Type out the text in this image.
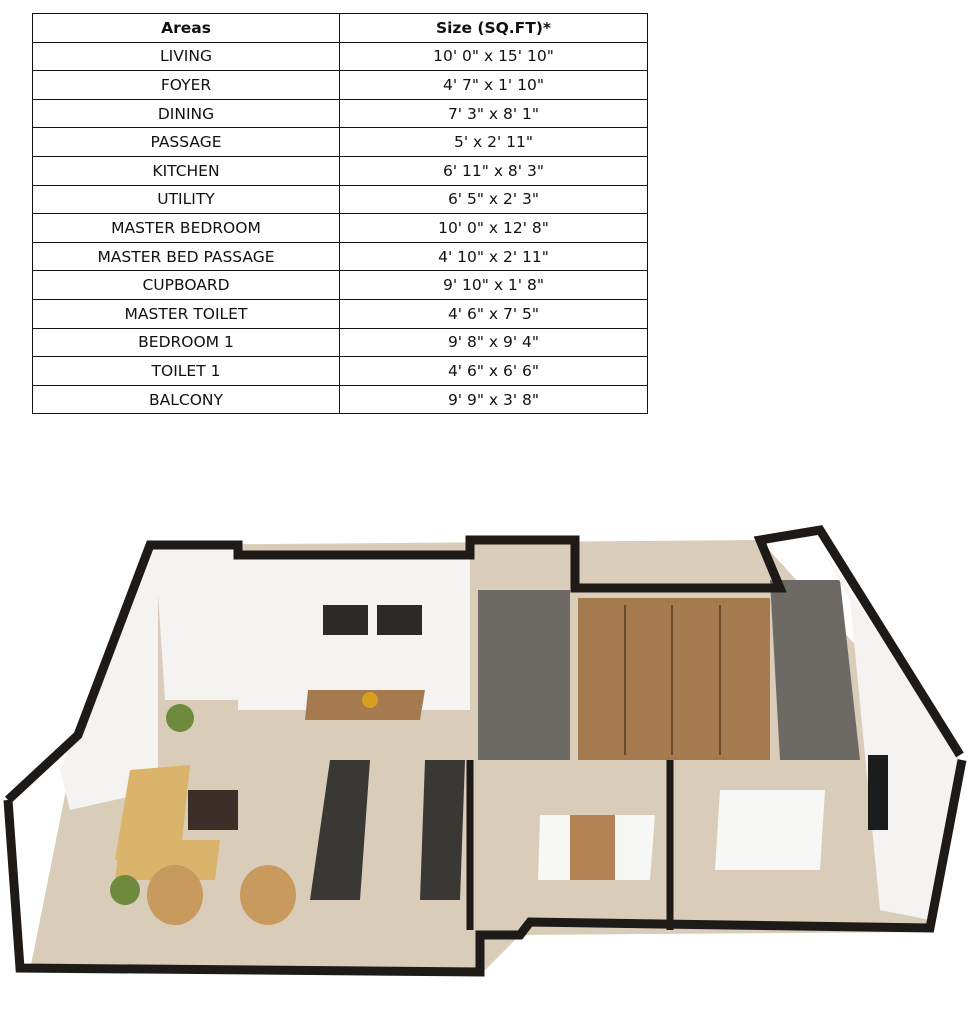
Areas	Size (SQ.FT)*
LIVING	10' 0" x 15' 10"
FOYER	4' 7" x 1' 10"
DINING	7' 3" x 8' 1"
PASSAGE	5' x 2' 11"
KITCHEN	6' 11" x 8' 3"
UTILITY	6' 5" x 2' 3"
MASTER BEDROOM	10' 0" x 12' 8"
MASTER BED PASSAGE	4' 10" x 2' 11"
CUPBOARD	9' 10" x 1' 8"
MASTER TOILET	4' 6" x 7' 5"
BEDROOM 1	9' 8" x 9' 4"
TOILET 1	4' 6" x 6' 6"
BALCONY	9' 9" x 3' 8"
